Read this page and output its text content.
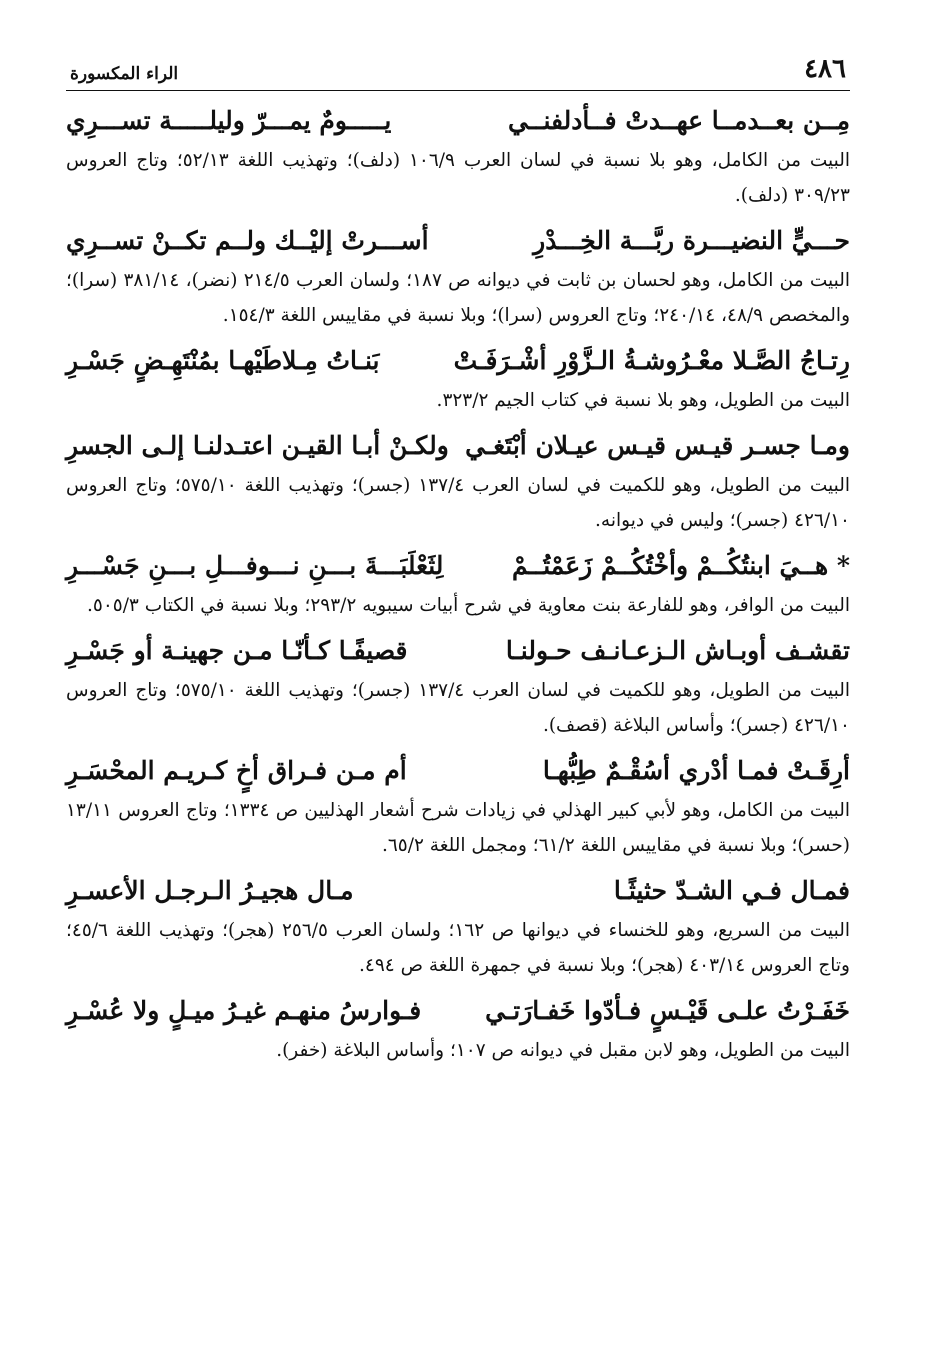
٤٨٦
الراء المكسورة
مِــن بعــدمــا عهــدتْ فــأدلفنــي
يـــــومٌ يمـــرّ وليلـــــة تســـرِي

البيت من الكامل، وهو بلا نسبة في لسان العرب ١٠٦/٩ (دلف)؛ وتهذيب اللغة ٥٢/١٣؛ وتاج العروس ٣٠٩/٢٣ (دلف).

حـــيٍّ النضيـــرة ربَّـــة الخِـــدْرِ
أســـرتْ إليْــك ولــم تكــنْ تســرِي

البيت من الكامل، وهو لحسان بن ثابت في ديوانه ص ١٨٧؛ ولسان العرب ٢١٤/٥ (نضر)، ٣٨١/١٤ (سرا)؛ والمخصص ٤٨/٩، ٢٤٠/١٤؛ وتاج العروس (سرا)؛ وبلا نسبة في مقاييس اللغة ١٥٤/٣.

رِتـاجُ الصَّـلا معْـرُوشـةُ الـزَّوْرِ أشْـرَفَـتْ
بَنـاتُ مِـلاطَيْهـا بمُنْتَهِـضٍ جَسْـرِ

البيت من الطويل، وهو بلا نسبة في كتاب الجيم ٣٢٣/٢.

ومـا جسـر قيـس قيـس عيـلان أبْتَغـي
ولكـنْ أبـا القيـن اعتـدلنـا إلـى الجسرِ

البيت من الطويل، وهو للكميت في لسان العرب ١٣٧/٤ (جسر)؛ وتهذيب اللغة ٥٧٥/١٠؛ وتاج العروس ٤٢٦/١٠ (جسر)؛ وليس في ديوانه.

* هــيَ ابنتُكُــمْ وأخْتُكُــمْ زَعَمْتُــمْ
لِثَعْلَبَـــةَ بـــنِ نـــوفـــلِ بـــنِ جَسْـــرِ

البيت من الوافر، وهو للفارعة بنت معاوية في شرح أبيات سيبويه ٢٩٣/٢؛ وبلا نسبة في الكتاب ٥٠٥/٣.

تقشـف أوبـاش الـزعـانـف حـولنـا
قصيفًـا كـأنّـا مـن جهينـة أو جَسْـرِ

البيت من الطويل، وهو للكميت في لسان العرب ١٣٧/٤ (جسر)؛ وتهذيب اللغة ٥٧٥/١٠؛ وتاج العروس ٤٢٦/١٠ (جسر)؛ وأساس البلاغة (قصف).

أرِقَـتْ فمـا أدْري أسُقْـمٌ طِبُّهـا
أم مـن فـراق أخٍ كـريـم المحْسَـرِ

البيت من الكامل، وهو لأبي كبير الهذلي في زيادات شرح أشعار الهذليين ص ١٣٣٤؛ وتاج العروس ١٣/١١ (حسر)؛ وبلا نسبة في مقاييس اللغة ٦١/٢؛ ومجمل اللغة ٦٥/٢.

فمـال فـي الشـدّ حثيثًـا
مـال هجيـرُ الـرجـل الأعسـرِ

البيت من السريع، وهو للخنساء في ديوانها ص ١٦٢؛ ولسان العرب ٢٥٦/٥ (هجر)؛ وتهذيب اللغة ٤٥/٦؛ وتاج العروس ٤٠٣/١٤ (هجر)؛ وبلا نسبة في جمهرة اللغة ص ٤٩٤.

خَفَـرْتُ علـى قَيْـسٍ فـأدّوا خَفـارَتـي
فـوارسُ منهـم غيـرُ ميـلٍ ولا عُسْـرِ

البيت من الطويل، وهو لابن مقبل في ديوانه ص ١٠٧؛ وأساس البلاغة (خفر).
